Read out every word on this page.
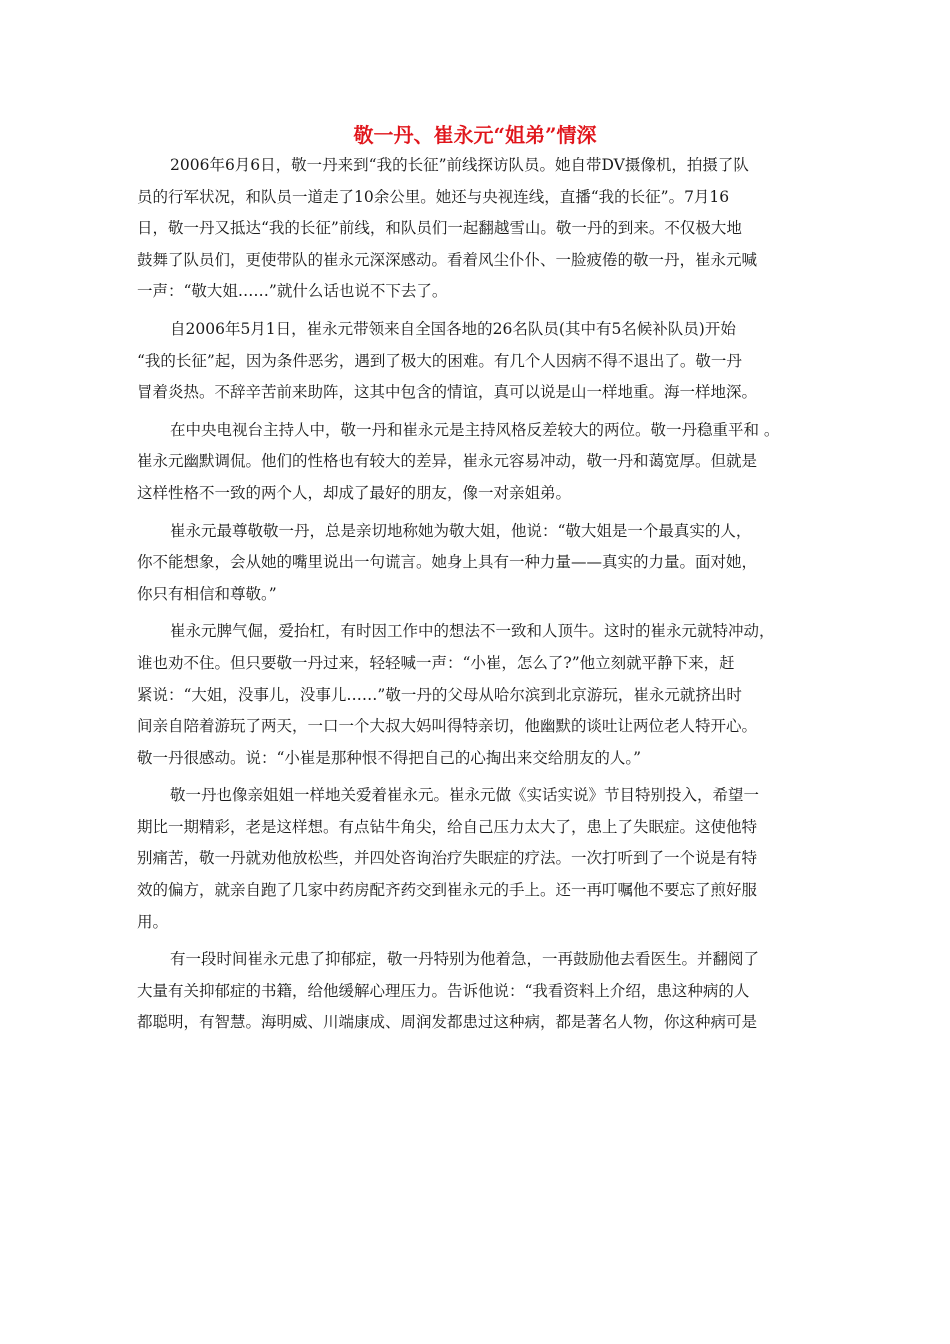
敬一丹、崔永元“姐弟”情深
2006年6月6日，敬一丹来到“我的长征”前线探访队员。她自带DV摄像机，拍摄了队
员的行军状况，和队员一道走了10余公里。她还与央视连线，直播“我的长征”。7月16
日，敬一丹又抵达“我的长征”前线，和队员们一起翻越雪山。敬一丹的到来。不仅极大地
鼓舞了队员们，更使带队的崔永元深深感动。看着风尘仆仆、一脸疲倦的敬一丹，崔永元喊
一声：“敬大姐……”就什么话也说不下去了。
自2006年5月1日，崔永元带领来自全国各地的26名队员(其中有5名候补队员)开始
“我的长征”起，因为条件恶劣，遇到了极大的困难。有几个人因病不得不退出了。敬一丹
冒着炎热。不辞辛苦前来助阵，这其中包含的情谊，真可以说是山一样地重。海一样地深。
在中央电视台主持人中，敬一丹和崔永元是主持风格反差较大的两位。敬一丹稳重平和 。
崔永元幽默调侃。他们的性格也有较大的差异，崔永元容易冲动，敬一丹和蔼宽厚。但就是
这样性格不一致的两个人，却成了最好的朋友，像一对亲姐弟。
崔永元最尊敬敬一丹，总是亲切地称她为敬大姐，他说：“敬大姐是一个最真实的人，
你不能想象，会从她的嘴里说出一句谎言。她身上具有一种力量——真实的力量。面对她，
你只有相信和尊敬。”
崔永元脾气倔，爱抬杠，有时因工作中的想法不一致和人顶牛。这时的崔永元就特冲动，
谁也劝不住。但只要敬一丹过来，轻轻喊一声：“小崔，怎么了?”他立刻就平静下来，赶
紧说：“大姐，没事儿，没事儿……”敬一丹的父母从哈尔滨到北京游玩，崔永元就挤出时
间亲自陪着游玩了两天，一口一个大叔大妈叫得特亲切，他幽默的谈吐让两位老人特开心。
敬一丹很感动。说：“小崔是那种恨不得把自己的心掏出来交给朋友的人。”
敬一丹也像亲姐姐一样地关爱着崔永元。崔永元做《实话实说》节目特别投入，希望一
期比一期精彩，老是这样想。有点钻牛角尖，给自己压力太大了，患上了失眠症。这使他特
别痛苦，敬一丹就劝他放松些，并四处咨询治疗失眠症的疗法。一次打听到了一个说是有特
效的偏方，就亲自跑了几家中药房配齐药交到崔永元的手上。还一再叮嘱他不要忘了煎好服
用。
有一段时间崔永元患了抑郁症，敬一丹特别为他着急，一再鼓励他去看医生。并翻阅了
大量有关抑郁症的书籍，给他缓解心理压力。告诉他说：“我看资料上介绍，患这种病的人
都聪明，有智慧。海明威、川端康成、周润发都患过这种病，都是著名人物，你这种病可是
